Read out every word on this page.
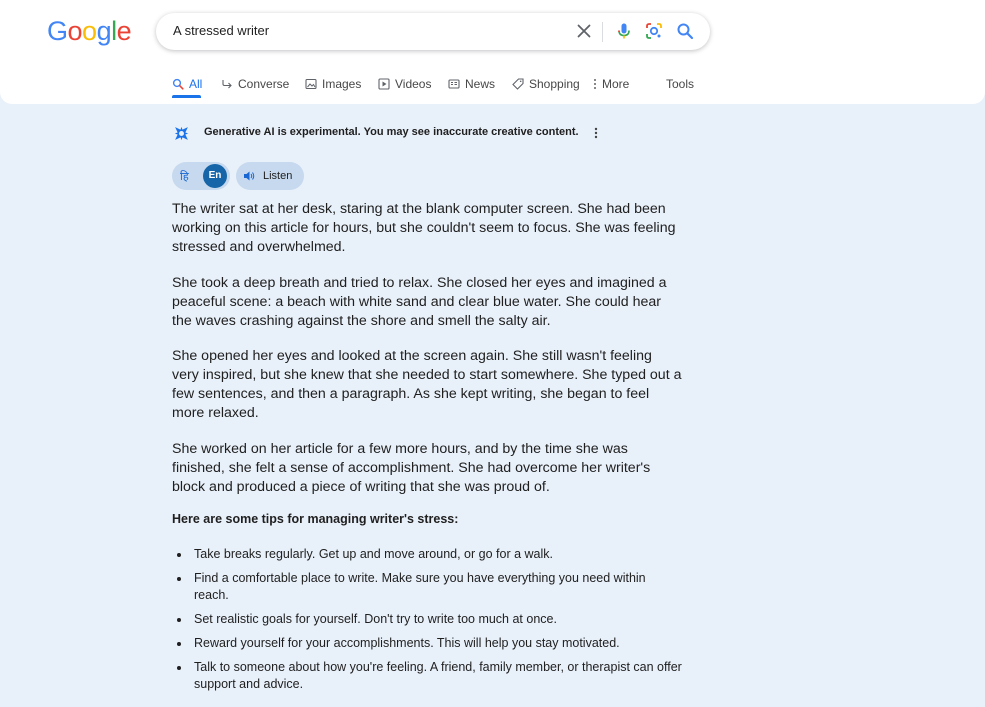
Google	A stressed writer
All	Converse	Images	Videos	News	Shopping More	Tools
Generative AI is experimental. You may see inaccurate creative content.
हि	En	Listen

The writer sat at her desk, staring at the blank computer screen. She had been working on this article for hours, but she couldn't seem to focus. She was feeling stressed and overwhelmed.

She took a deep breath and tried to relax. She closed her eyes and imagined a peaceful scene: a beach with white sand and clear blue water. She could hear the waves crashing against the shore and smell the salty air.

She opened her eyes and looked at the screen again. She still wasn't feeling very inspired, but she knew that she needed to start somewhere. She typed out a few sentences, and then a paragraph. As she kept writing, she began to feel more relaxed.

She worked on her article for a few more hours, and by the time she was finished, she felt a sense of accomplishment. She had overcome her writer's block and produced a piece of writing that she was proud of.

Here are some tips for managing writer's stress:
Take breaks regularly. Get up and move around, or go for a walk.
Find a comfortable place to write. Make sure you have everything you need within reach.
Set realistic goals for yourself. Don't try to write too much at once.
Reward yourself for your accomplishments. This will help you stay motivated.
Talk to someone about how you're feeling. A friend, family member, or therapist can offer support and advice.
